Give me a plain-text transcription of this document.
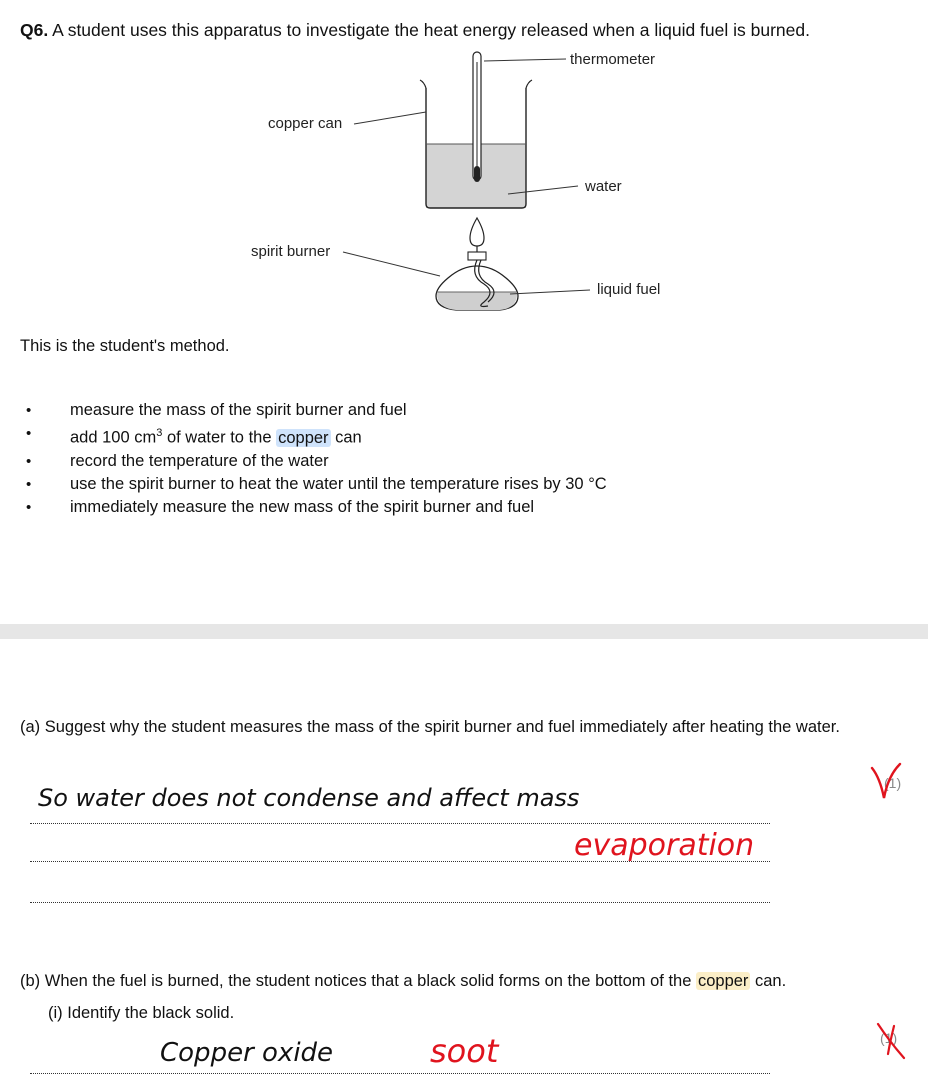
Q6. A student uses this apparatus to investigate the heat energy released when a liquid fuel is burned.
thermometer
copper can
water
spirit burner
liquid fuel
This is the student's method.
• measure the mass of the spirit burner and fuel
• add 100 $cm^3$ of water to the copper can
• record the temperature of the water
• use the spirit burner to heat the water until the temperature rises by 30 °C
• immediately measure the new mass of the spirit burner and fuel
(a) Suggest why the student measures the mass of the spirit burner and fuel immediately after heating the water.
So water does not condense and affect mass
evaporation
(1)
(b) When the fuel is burned, the student notices that a black solid forms on the bottom of the copper can.
(i) Identify the black solid.
Copper oxide	soot	(1)
